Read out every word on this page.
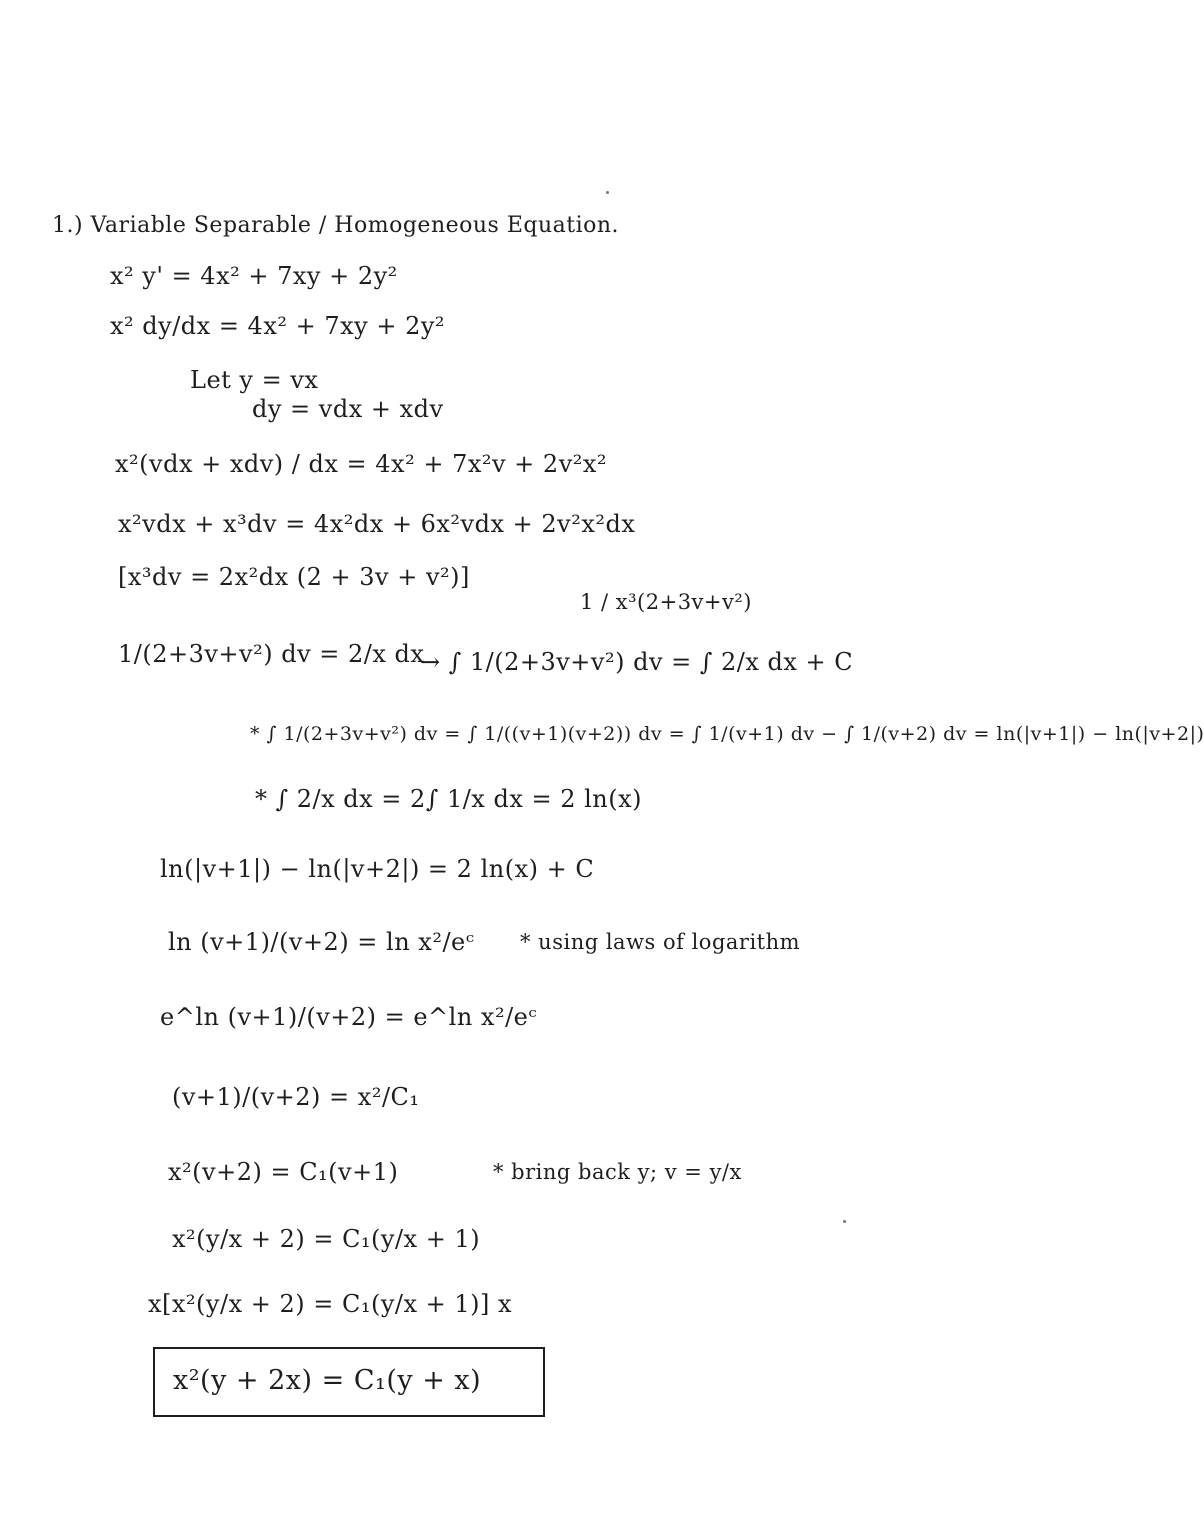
1.) Variable Separable / Homogeneous Equation.
x² y' = 4x² + 7xy + 2y²
x² dy/dx = 4x² + 7xy + 2y²
Let y = vx
dy = vdx + xdv
x²(vdx + xdv) / dx = 4x² + 7x²v + 2v²x²
x²vdx + x³dv = 4x²dx + 6x²vdx + 2v²x²dx
[x³dv = 2x²dx (2 + 3v + v²)]
1 / x³(2+3v+v²)
1/(2+3v+v²) dv = 2/x dx
→ ∫ 1/(2+3v+v²) dv = ∫ 2/x dx + C
* ∫ 1/(2+3v+v²) dv = ∫ 1/((v+1)(v+2)) dv = ∫ 1/(v+1) dv − ∫ 1/(v+2) dv = ln(|v+1|) − ln(|v+2|)
* ∫ 2/x dx = 2∫ 1/x dx = 2 ln(x)
ln(|v+1|) − ln(|v+2|) = 2 ln(x) + C
ln (v+1)/(v+2) = ln x²/eᶜ * using laws of logarithm
e^ln (v+1)/(v+2) = e^ln x²/eᶜ
(v+1)/(v+2) = x²/C₁
x²(v+2) = C₁(v+1)	* bring back y; v = y/x
x²(y/x + 2) = C₁(y/x + 1)
x[x²(y/x + 2) = C₁(y/x + 1)] x
x²(y + 2x) = C₁(y + x)
